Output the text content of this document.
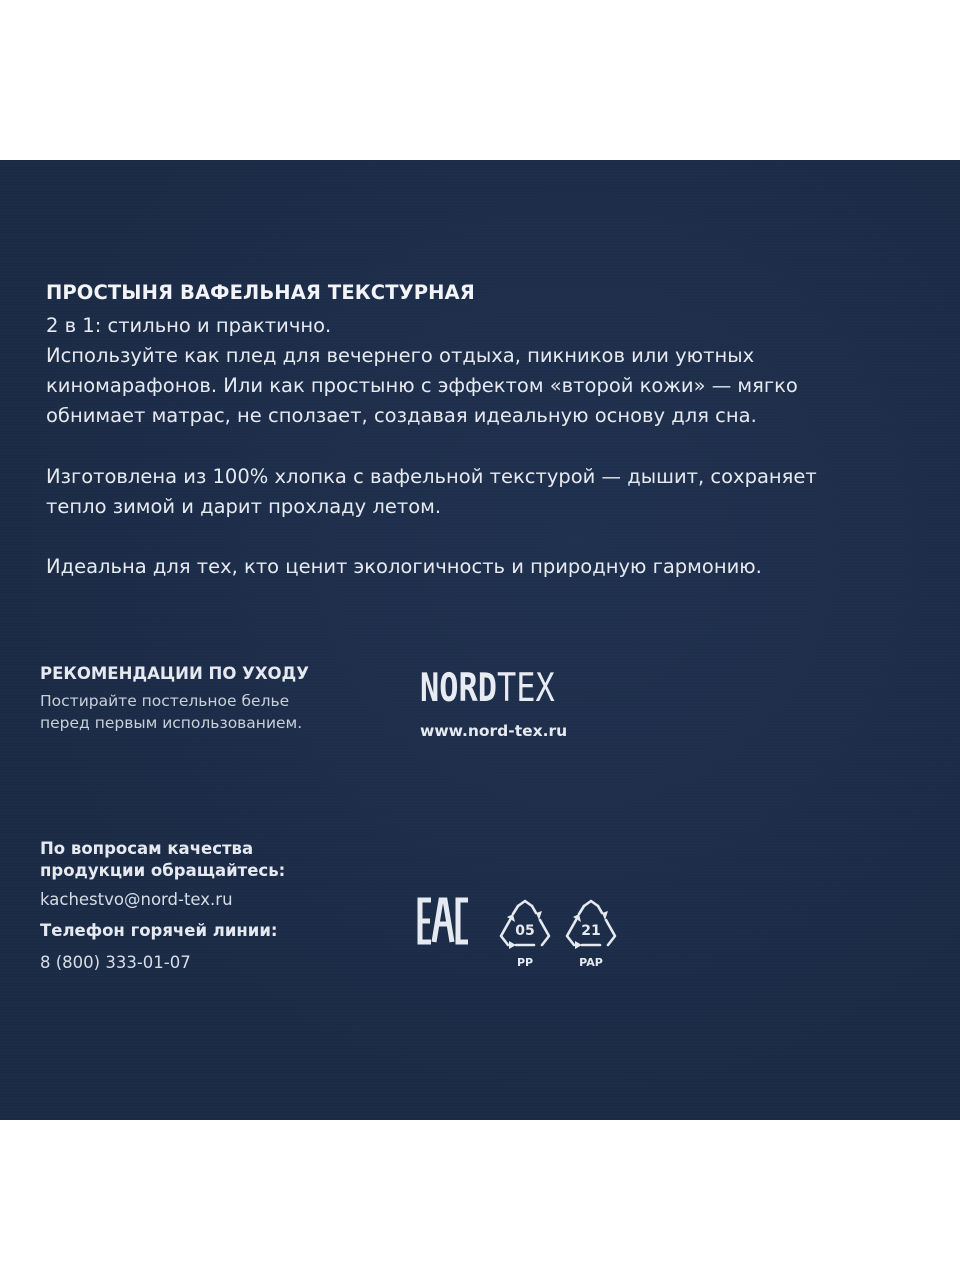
ПРОСТЫНЯ ВАФЕЛЬНАЯ ТЕКСТУРНАЯ
2 в 1: стильно и практично.
Используйте как плед для вечернего отдыха, пикников или уютных
киномарафонов. Или как простыню с эффектом «второй кожи» — мягко
обнимает матрас, не сползает, создавая идеальную основу для сна.
Изготовлена из 100% хлопка с вафельной текстурой — дышит, сохраняет
тепло зимой и дарит прохладу летом.
Идеальна для тех, кто ценит экологичность и природную гармонию.
РЕКОМЕНДАЦИИ ПО УХОДУ
Постирайте постельное белье
перед первым использованием.
NORDTEX
www.nord-tex.ru
По вопросам качества
продукции обращайтесь:
kachestvo@nord-tex.ru
Телефон горячей линии:
8 (800) 333-01-07
05
PP
21
PAP
